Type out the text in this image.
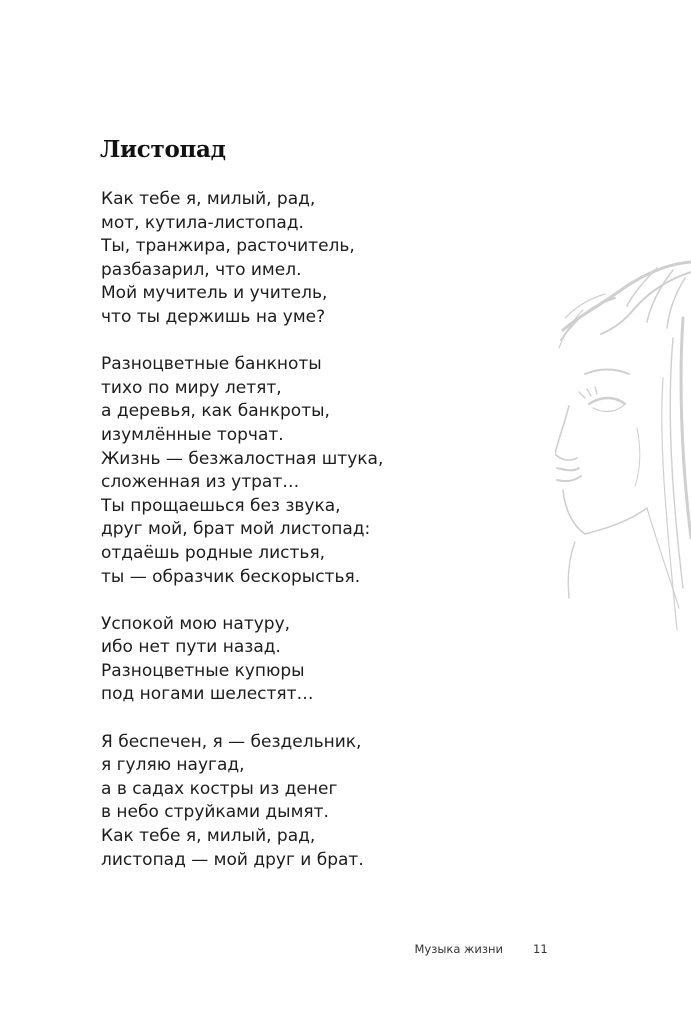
Листопад
Как тебе я, милый, рад,
мот, кутила-листопад.
Ты, транжира, расточитель,
разбазарил, что имел.
Мой мучитель и учитель,
что ты держишь на уме?
Разноцветные банкноты
тихо по миру летят,
а деревья, как банкроты,
изумлённые торчат.
Жизнь — безжалостная штука,
сложенная из утрат…
Ты прощаешься без звука,
друг мой, брат мой листопад:
отдаёшь родные листья,
ты — образчик бескорыстья.
Успокой мою натуру,
ибо нет пути назад.
Разноцветные купюры
под ногами шелестят…
Я беспечен, я — бездельник,
я гуляю наугад,
а в садах костры из денег
в небо струйками дымят.
Как тебе я, милый, рад,
листопад — мой друг и брат.
Музыка жизни	11
